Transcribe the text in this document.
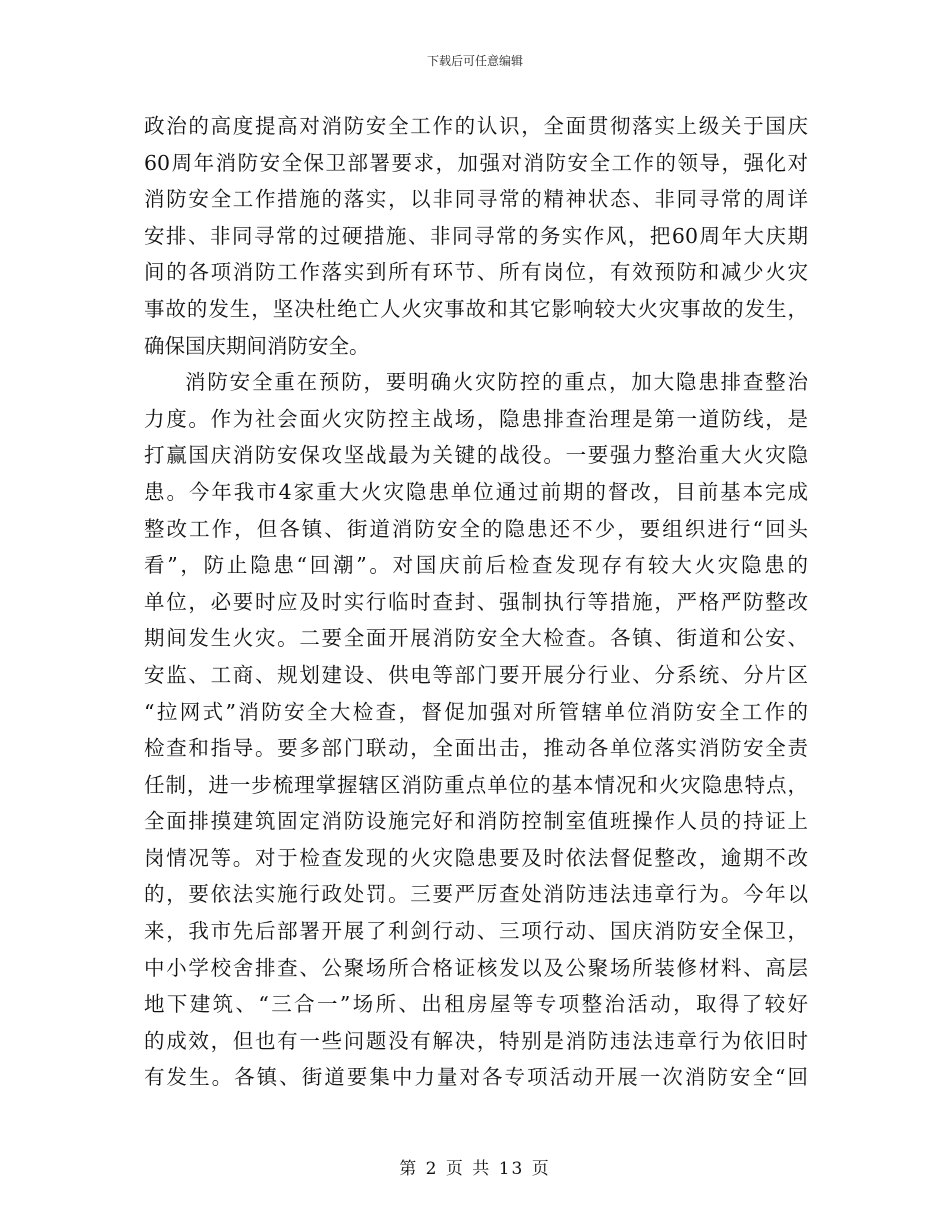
下载后可任意编辑
政治的高度提高对消防安全工作的认识，全面贯彻落实上级关于国庆
60周年消防安全保卫部署要求，加强对消防安全工作的领导，强化对
消防安全工作措施的落实，以非同寻常的精神状态、非同寻常的周详
安排、非同寻常的过硬措施、非同寻常的务实作风，把60周年大庆期
间的各项消防工作落实到所有环节、所有岗位，有效预防和减少火灾
事故的发生，坚决杜绝亡人火灾事故和其它影响较大火灾事故的发生，
确保国庆期间消防安全。
消防安全重在预防，要明确火灾防控的重点，加大隐患排查整治
力度。作为社会面火灾防控主战场，隐患排查治理是第一道防线，是
打赢国庆消防安保攻坚战最为关键的战役。一要强力整治重大火灾隐
患。今年我市4家重大火灾隐患单位通过前期的督改，目前基本完成
整改工作，但各镇、街道消防安全的隐患还不少，要组织进行“回头
看”，防止隐患“回潮”。对国庆前后检查发现存有较大火灾隐患的
单位，必要时应及时实行临时查封、强制执行等措施，严格严防整改
期间发生火灾。二要全面开展消防安全大检查。各镇、街道和公安、
安监、工商、规划建设、供电等部门要开展分行业、分系统、分片区
“拉网式”消防安全大检查，督促加强对所管辖单位消防安全工作的
检查和指导。要多部门联动，全面出击，推动各单位落实消防安全责
任制，进一步梳理掌握辖区消防重点单位的基本情况和火灾隐患特点，
全面排摸建筑固定消防设施完好和消防控制室值班操作人员的持证上
岗情况等。对于检查发现的火灾隐患要及时依法督促整改，逾期不改
的，要依法实施行政处罚。三要严厉查处消防违法违章行为。今年以
来，我市先后部署开展了利剑行动、三项行动、国庆消防安全保卫，
中小学校舍排查、公聚场所合格证核发以及公聚场所装修材料、高层
地下建筑、“三合一”场所、出租房屋等专项整治活动，取得了较好
的成效，但也有一些问题没有解决，特别是消防违法违章行为依旧时
有发生。各镇、街道要集中力量对各专项活动开展一次消防安全“回
第 2 页 共 13 页
